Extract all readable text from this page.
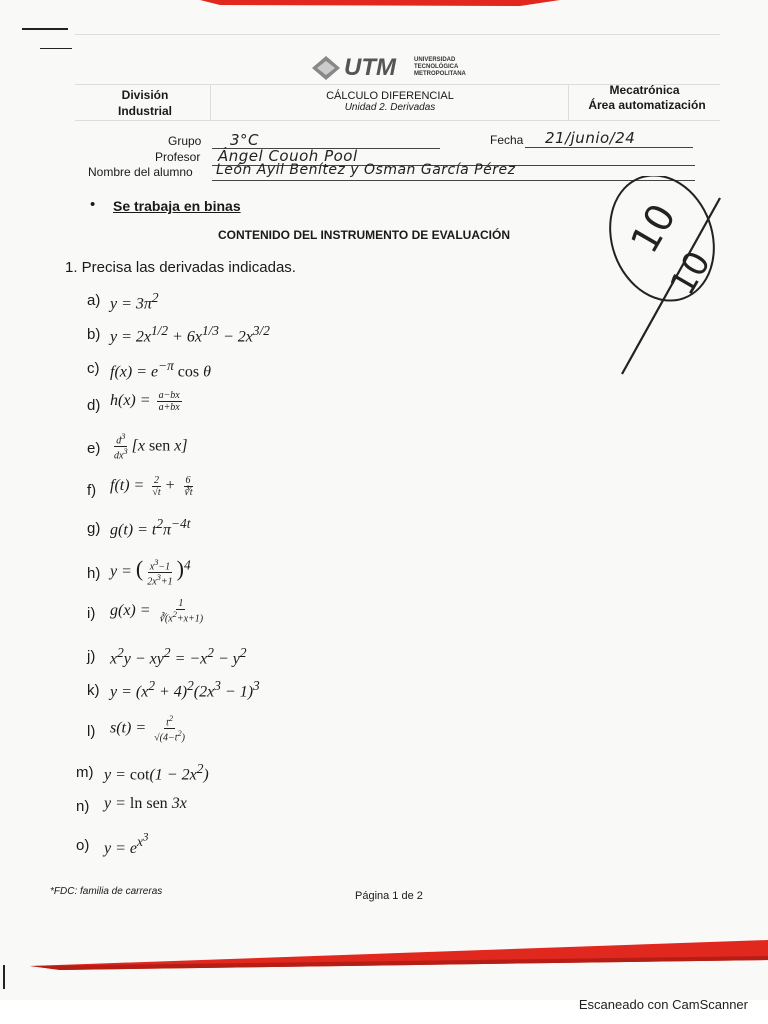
UTM	UNIVERSIDAD
TECNOLÓGICA
METROPOLITANA
División
Industrial
CÁLCULO DIFERENCIAL
Unidad 2. Derivadas
Mecatrónica
Área automatización
Grupo 3°C	Fecha 21/junio/24
Profesor Ángel Couoh Pool
Nombre del alumno León Ayil Benítez y Osman García Pérez
10
10
• Se trabaja en binas
CONTENIDO DEL INSTRUMENTO DE EVALUACIÓN
1. Precisa las derivadas indicadas.
a) $y = 3\pi^2$
b) $y = 2x^{1/2} + 6x^{1/3} - 2x^{3/2}$
c) $f(x) = e^{-\pi}$ cos θ
d) $h(x) = \frac{a-bx}{a+bx}$
$e) \frac{d^3}{dx^3} [x$ sen x]
f) $f(t) = \frac{2}{√t} + \frac{6}{∛t}$
g) $g(t) = t^2\pi^{-4t}$
h) y = ( $\frac{x^3-1}{2x^3+1} )^4$
i) $g(x) = \frac{1}{∛(x^2+x+1)}$
j) $x^2y - xy^2 = -x^2 - y^2$
k) $y = (x^2 + 4)^2(2x^3 - 1)^3$
l) $s(t) = \frac{t^2}{√(4-t^2)}$
m) $y = \cot(1 - 2x^2)$
n) y = ln sen 3x
o) $y = e^{x^3}$
*FDC: familia de carreras	Página 1 de 2
Escaneado con CamScanner
